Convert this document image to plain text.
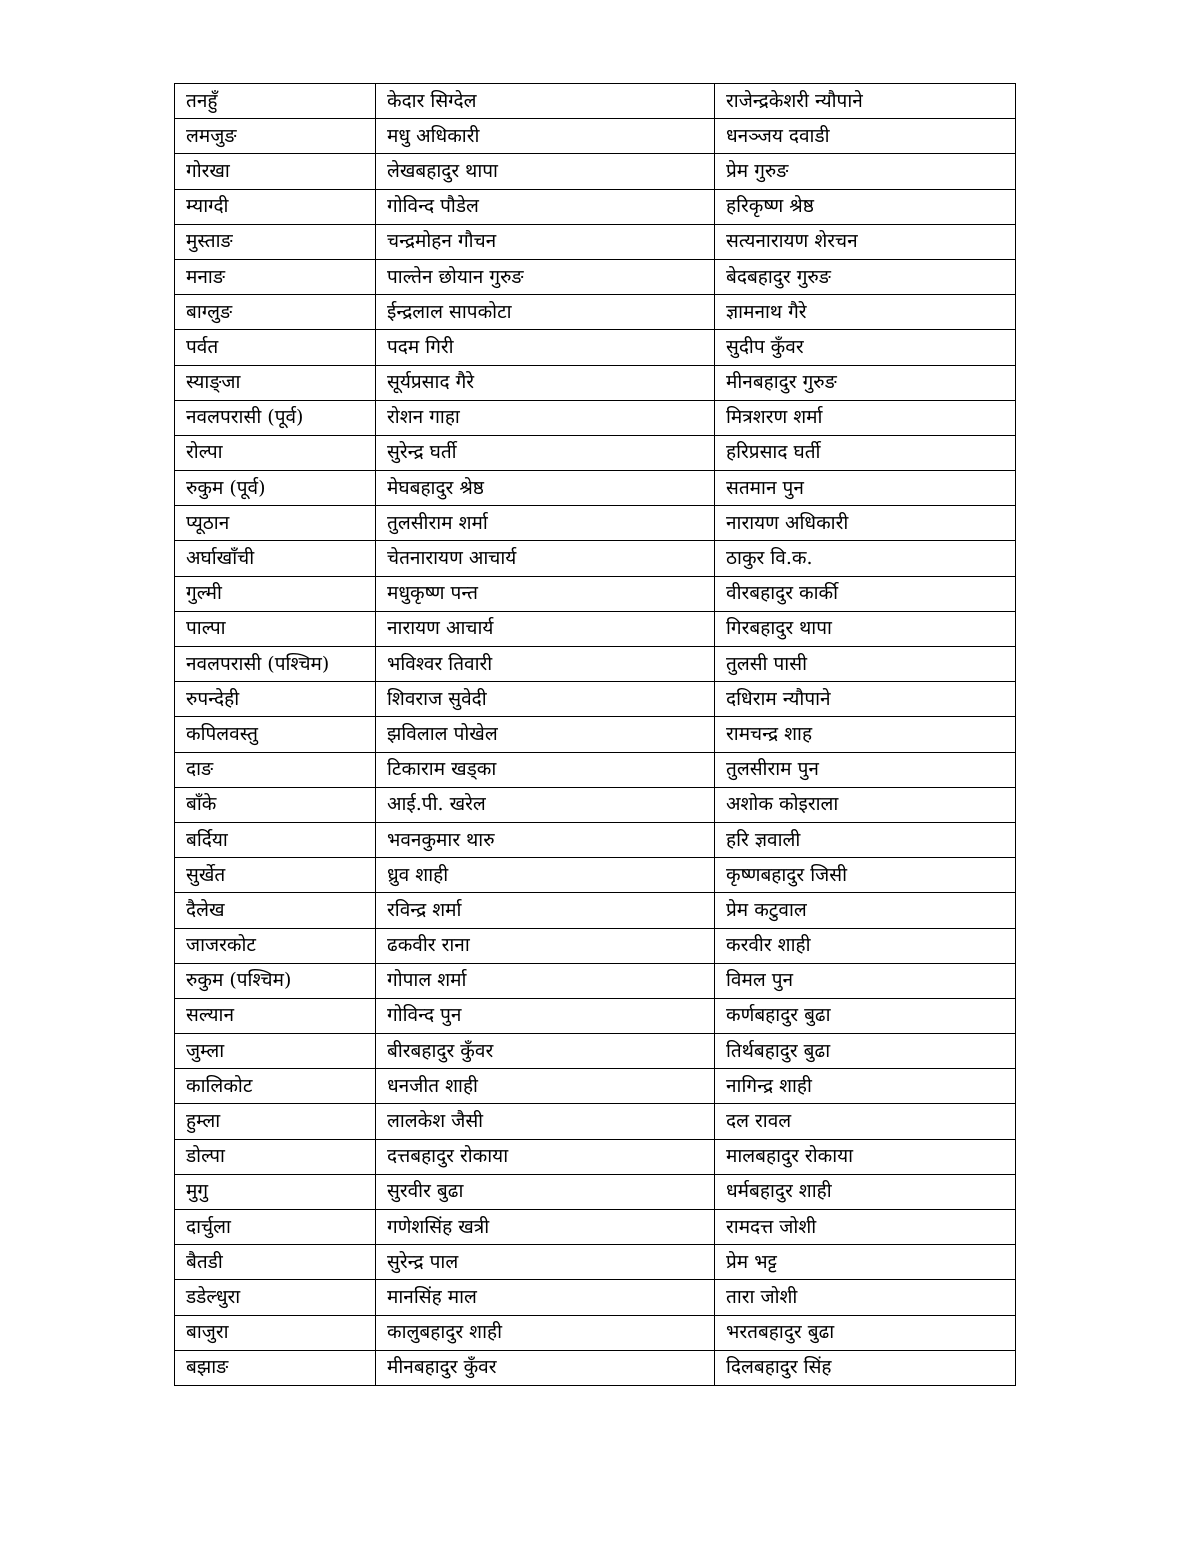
तनहुँ	केदार सिग्देल	राजेन्द्रकेशरी न्यौपाने
लमजुङ	मधु अधिकारी	धनञ्जय दवाडी
गोरखा	लेखबहादुर थापा	प्रेम गुरुङ
म्याग्दी	गोविन्द पौडेल	हरिकृष्ण श्रेष्ठ
मुस्ताङ	चन्द्रमोहन गौचन	सत्यनारायण शेरचन
मनाङ	पाल्तेन छोयान गुरुङ	बेदबहादुर गुरुङ
बाग्लुङ	ईन्द्रलाल सापकोटा	ज्ञामनाथ गैरे
पर्वत	पदम गिरी	सुदीप कुँवर
स्याङ्जा	सूर्यप्रसाद गैरे	मीनबहादुर गुरुङ
नवलपरासी (पूर्व)	रोशन गाहा	मित्रशरण शर्मा
रोल्पा	सुरेन्द्र घर्ती	हरिप्रसाद घर्ती
रुकुम (पूर्व)	मेघबहादुर श्रेष्ठ	सतमान पुन
प्यूठान	तुलसीराम शर्मा	नारायण अधिकारी
अर्घाखाँची	चेतनारायण आचार्य	ठाकुर वि.क.
गुल्मी	मधुकृष्ण पन्त	वीरबहादुर कार्की
पाल्पा	नारायण आचार्य	गिरबहादुर थापा
नवलपरासी (पश्चिम)	भविश्वर तिवारी	तुलसी पासी
रुपन्देही	शिवराज सुवेदी	दधिराम न्यौपाने
कपिलवस्तु	झविलाल पोखेल	रामचन्द्र शाह
दाङ	टिकाराम खड्का	तुलसीराम पुन
बाँके	आई.पी. खरेल	अशोक कोइराला
बर्दिया	भवनकुमार थारु	हरि ज्ञवाली
सुर्खेत	ध्रुव शाही	कृष्णबहादुर जिसी
दैलेख	रविन्द्र शर्मा	प्रेम कटुवाल
जाजरकोट	ढकवीर राना	करवीर शाही
रुकुम (पश्चिम)	गोपाल शर्मा	विमल पुन
सल्यान	गोविन्द पुन	कर्णबहादुर बुढा
जुम्ला	बीरबहादुर कुँवर	तिर्थबहादुर बुढा
कालिकोट	धनजीत शाही	नागिन्द्र शाही
हुम्ला	लालकेश जैसी	दल रावल
डोल्पा	दत्तबहादुर रोकाया	मालबहादुर रोकाया
मुगु	सुरवीर बुढा	धर्मबहादुर शाही
दार्चुला	गणेशसिंह खत्री	रामदत्त जोशी
बैतडी	सुरेन्द्र पाल	प्रेम भट्ट
डडेल्धुरा	मानसिंह माल	तारा जोशी
बाजुरा	कालुबहादुर शाही	भरतबहादुर बुढा
बझाङ	मीनबहादुर कुँवर	दिलबहादुर सिंह
